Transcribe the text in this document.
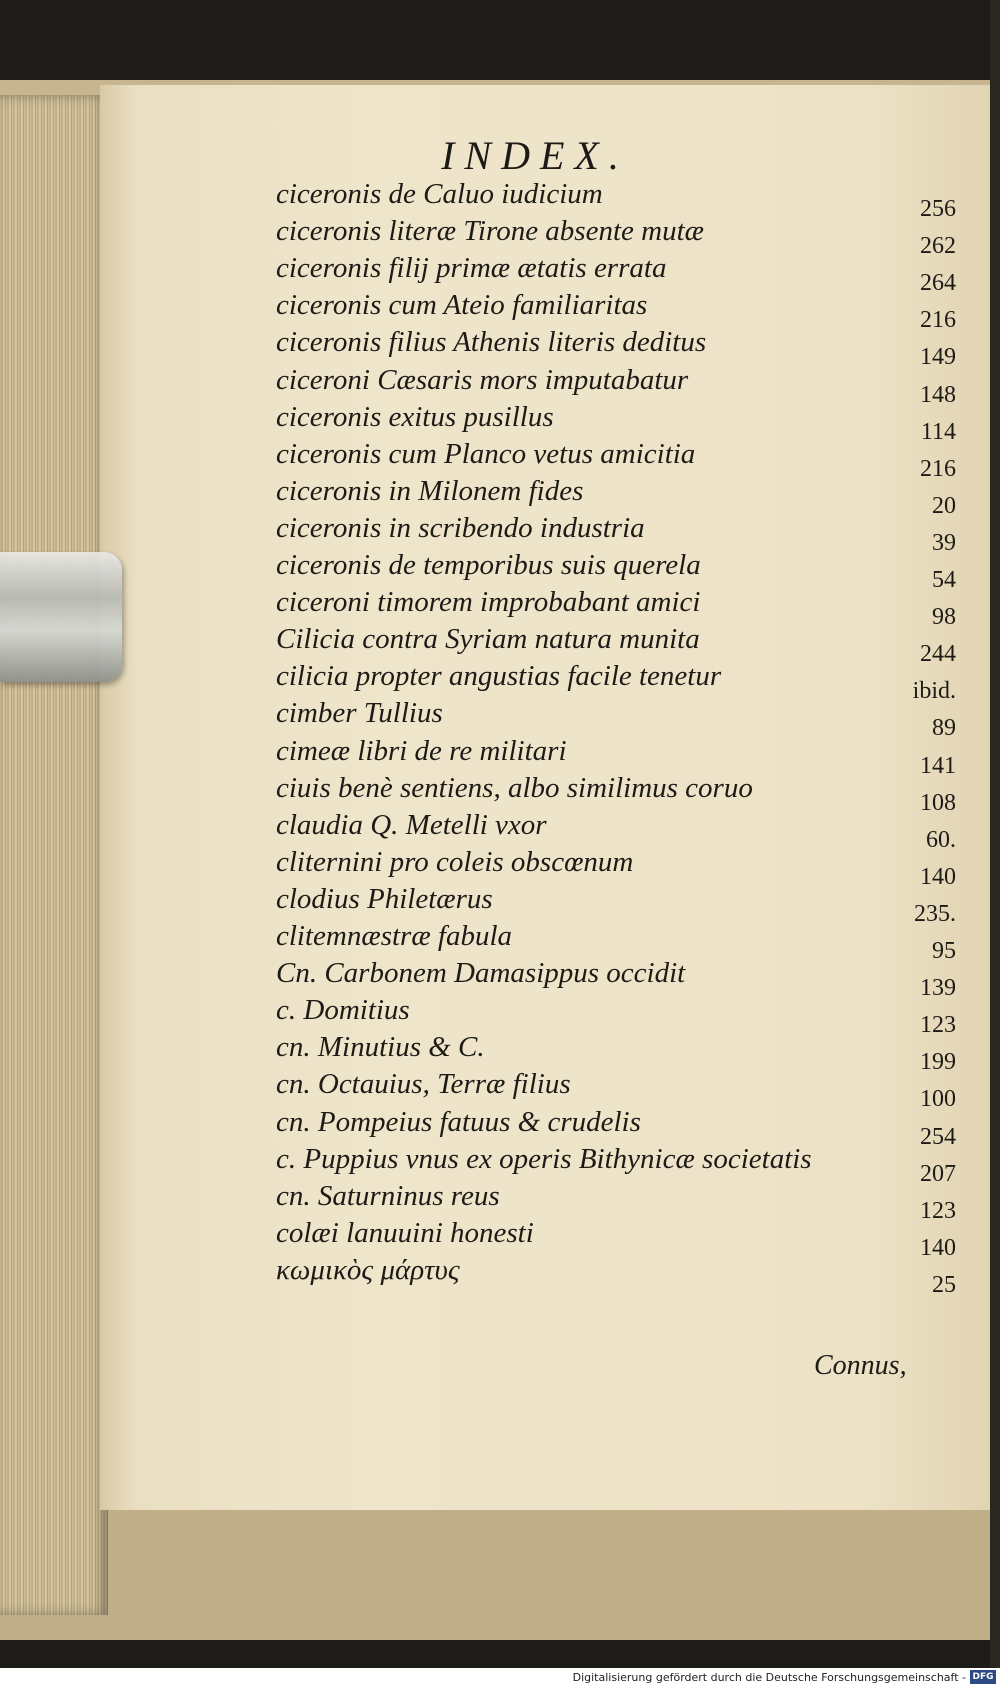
INDEX.
ciceronis de Caluo iudicium	256
ciceronis literæ Tirone absente mutæ	262
ciceronis filij primæ ætatis errata	264
ciceronis cum Ateio familiaritas	216
ciceronis filius Athenis literis deditus	149
ciceroni Cæsaris mors imputabatur	148
ciceronis exitus pusillus	114
ciceronis cum Planco vetus amicitia	216
ciceronis in Milonem fides	20
ciceronis in scribendo industria	39
ciceronis de temporibus suis querela	54
ciceroni timorem improbabant amici	98
Cilicia contra Syriam natura munita	244
cilicia propter angustias facile tenetur	ibid.
cimber Tullius	89
cimeæ libri de re militari	141
ciuis benè sentiens, albo similimus coruo	108
claudia Q. Metelli vxor	60.
cliternini pro coleis obscœnum	140
clodius Philetærus	235.
clitemnæstræ fabula	95
Cn. Carbonem Damasippus occidit	139
c. Domitius	123
cn. Minutius & C.	199
cn. Octauius, Terræ filius	100
cn. Pompeius fatuus & crudelis	254
c. Puppius vnus ex operis Bithynicæ societatis	207
cn. Saturninus reus	123
colæi lanuuini honesti	140
κωμικὸς μάρτυς	25
Connus,
Digitalisierung gefördert durch die Deutsche Forschungsgemeinschaft - DFG
